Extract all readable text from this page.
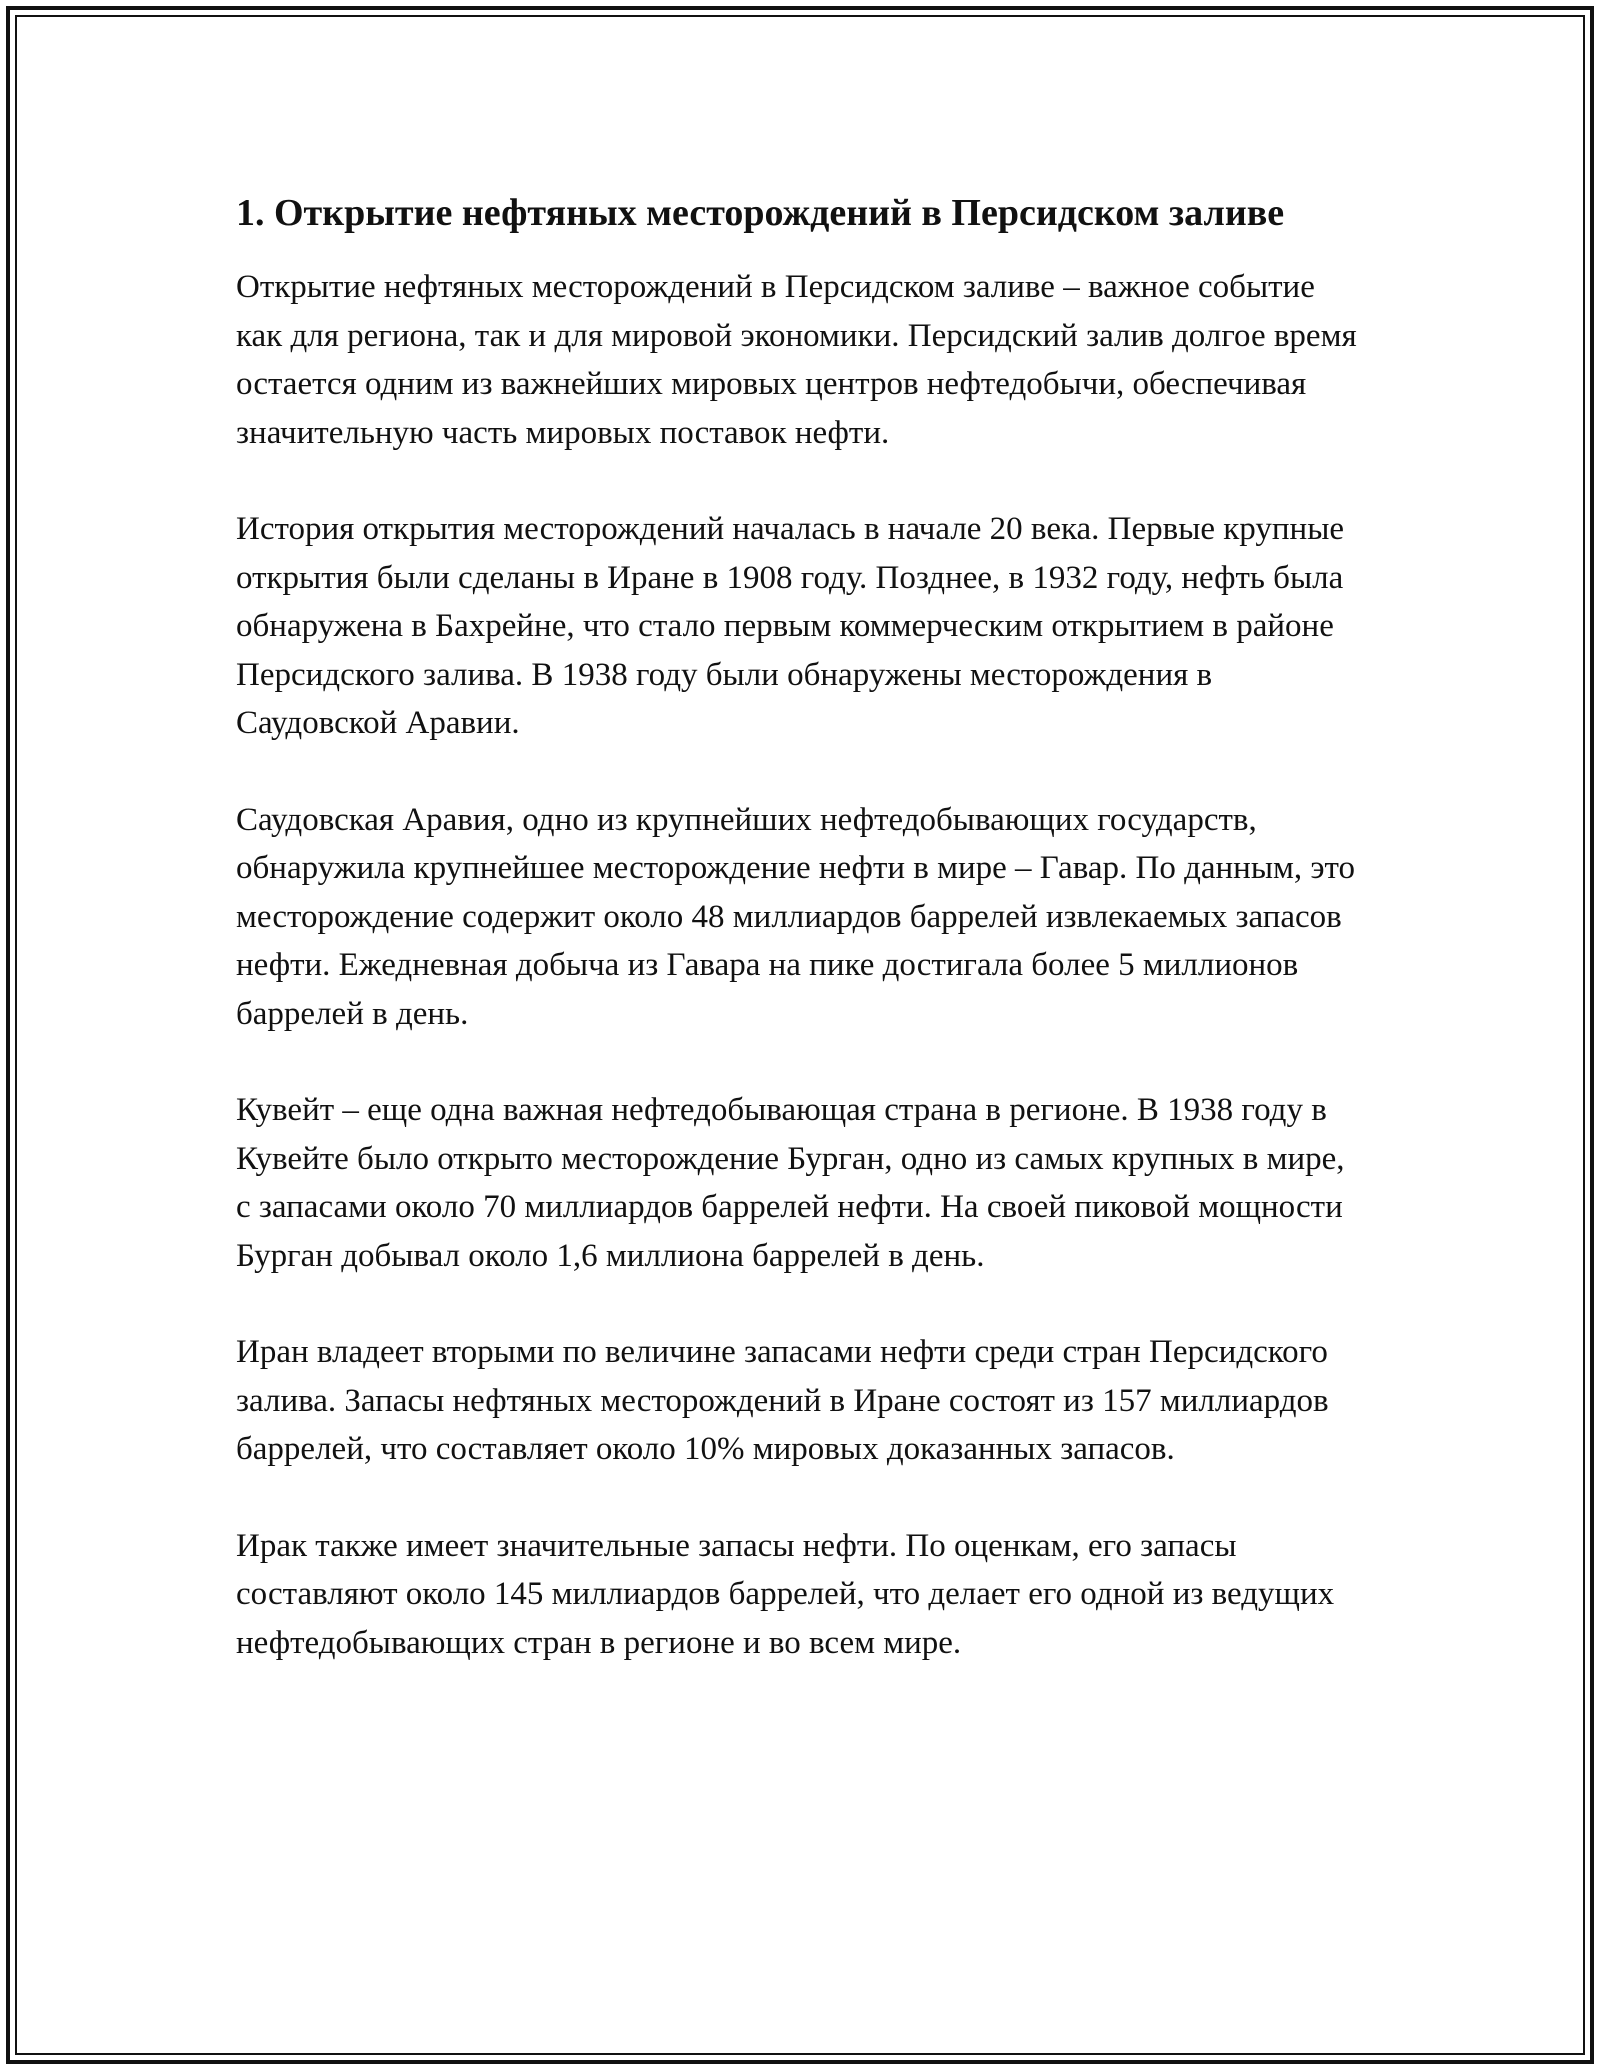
1. Открытие нефтяных месторождений в Персидском заливе

Открытие нефтяных месторождений в Персидском заливе – важное событие как для региона, так и для мировой экономики. Персидский залив долгое время остается одним из важнейших мировых центров нефтедобычи, обеспечивая значительную часть мировых поставок нефти.

История открытия месторождений началась в начале 20 века. Первые крупные открытия были сделаны в Иране в 1908 году. Позднее, в 1932 году, нефть была обнаружена в Бахрейне, что стало первым коммерческим открытием в районе Персидского залива. В 1938 году были обнаружены месторождения в Саудовской Аравии.

Саудовская Аравия, одно из крупнейших нефтедобывающих государств, обнаружила крупнейшее месторождение нефти в мире – Гавар. По данным, это месторождение содержит около 48 миллиардов баррелей извлекаемых запасов нефти. Ежедневная добыча из Гавара на пике достигала более 5 миллионов баррелей в день.

Кувейт – еще одна важная нефтедобывающая страна в регионе. В 1938 году в Кувейте было открыто месторождение Бурган, одно из самых крупных в мире, с запасами около 70 миллиардов баррелей нефти. На своей пиковой мощности Бурган добывал около 1,6 миллиона баррелей в день.

Иран владеет вторыми по величине запасами нефти среди стран Персидского залива. Запасы нефтяных месторождений в Иране состоят из 157 миллиардов баррелей, что составляет около 10% мировых доказанных запасов.

Ирак также имеет значительные запасы нефти. По оценкам, его запасы составляют около 145 миллиардов баррелей, что делает его одной из ведущих нефтедобывающих стран в регионе и во всем мире.
